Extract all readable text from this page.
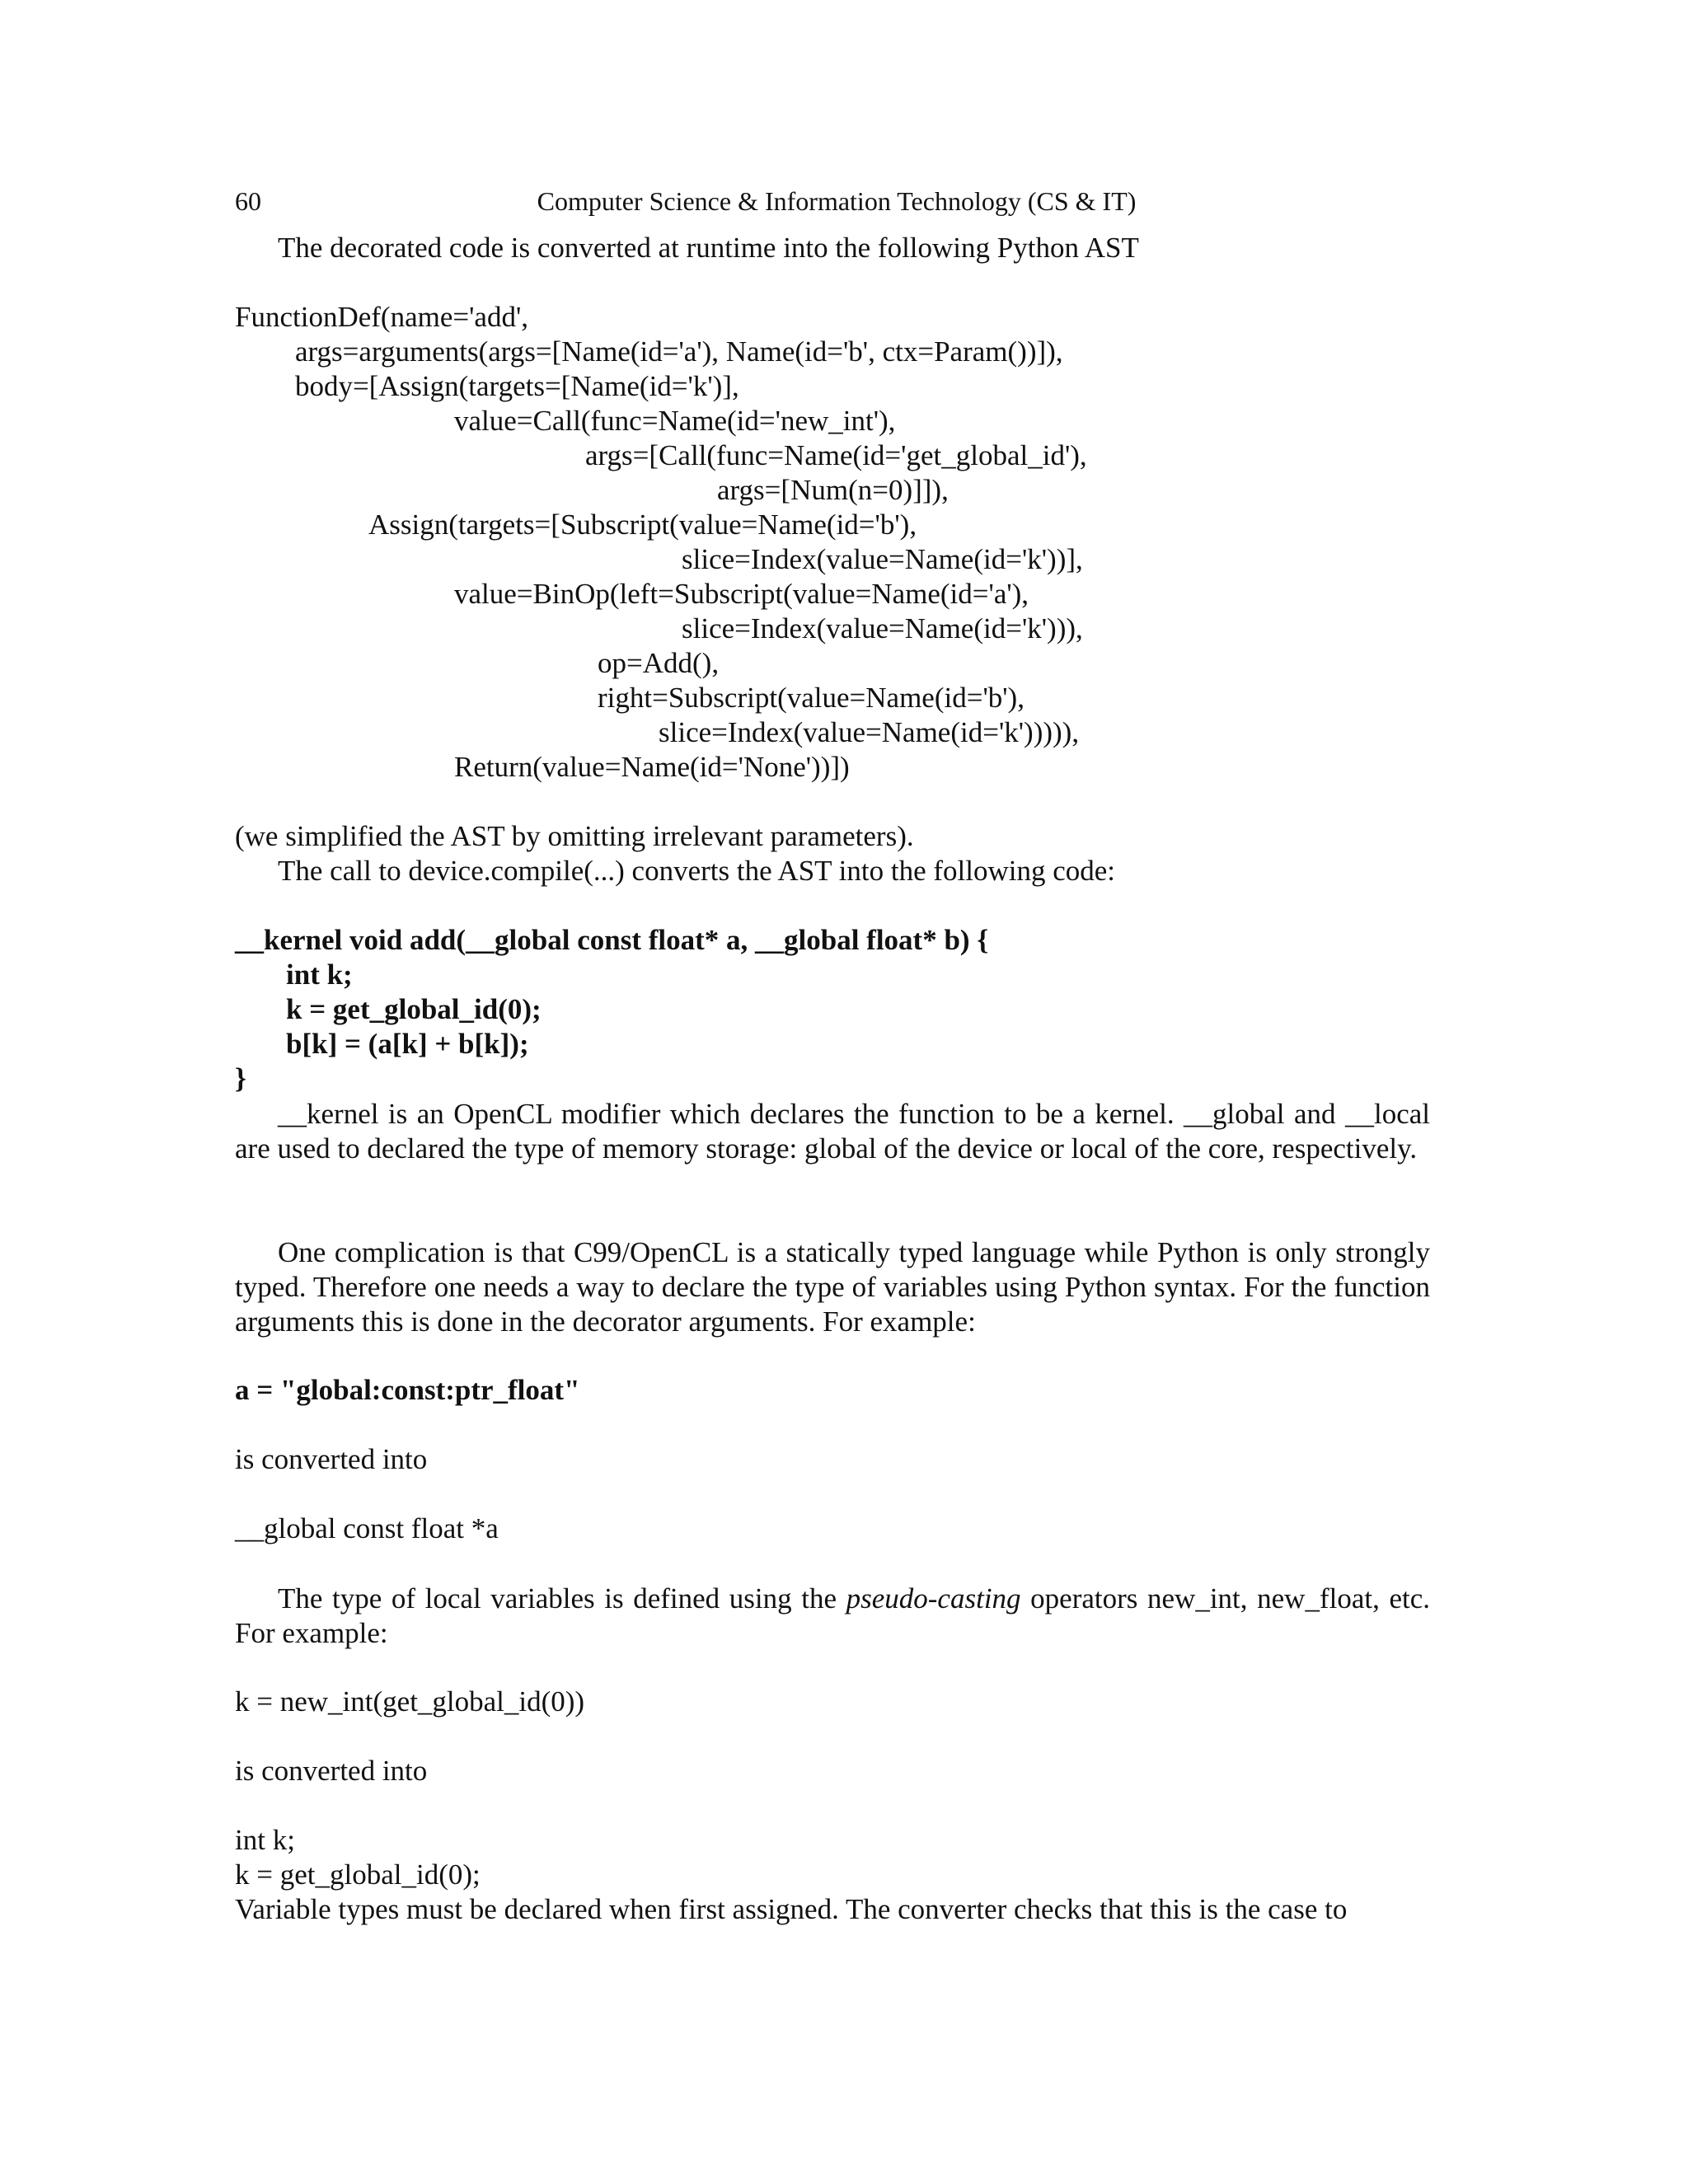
60	Computer Science & Information Technology (CS & IT)
The decorated code is converted at runtime into the following Python AST
FunctionDef(name='add',
args=arguments(args=[Name(id='a'), Name(id='b', ctx=Param())]),
body=[Assign(targets=[Name(id='k')],
value=Call(func=Name(id='new_int'),
args=[Call(func=Name(id='get_global_id'),
args=[Num(n=0)]]),
Assign(targets=[Subscript(value=Name(id='b'),
slice=Index(value=Name(id='k'))],
value=BinOp(left=Subscript(value=Name(id='a'),
slice=Index(value=Name(id='k'))),
op=Add(),
right=Subscript(value=Name(id='b'),
slice=Index(value=Name(id='k'))))),
Return(value=Name(id='None'))])
(we simplified the AST by omitting irrelevant parameters).
The call to device.compile(...) converts the AST into the following code:
__kernel void add(__global const float* a, __global float* b) {
int k;
k = get_global_id(0);
b[k] = (a[k] + b[k]);
}
__kernel is an OpenCL modifier which declares the function to be a kernel. __global and __local are used to declared the type of memory storage: global of the device or local of the core, respectively.
One complication is that C99/OpenCL is a statically typed language while Python is only strongly typed. Therefore one needs a way to declare the type of variables using Python syntax. For the function arguments this is done in the decorator arguments. For example:
a = "global:const:ptr_float"
is converted into
__global const float *a
The type of local variables is defined using the pseudo-casting operators new_int, new_float, etc. For example:
k = new_int(get_global_id(0))
is converted into
int k;
k = get_global_id(0);
Variable types must be declared when first assigned. The converter checks that this is the case to
